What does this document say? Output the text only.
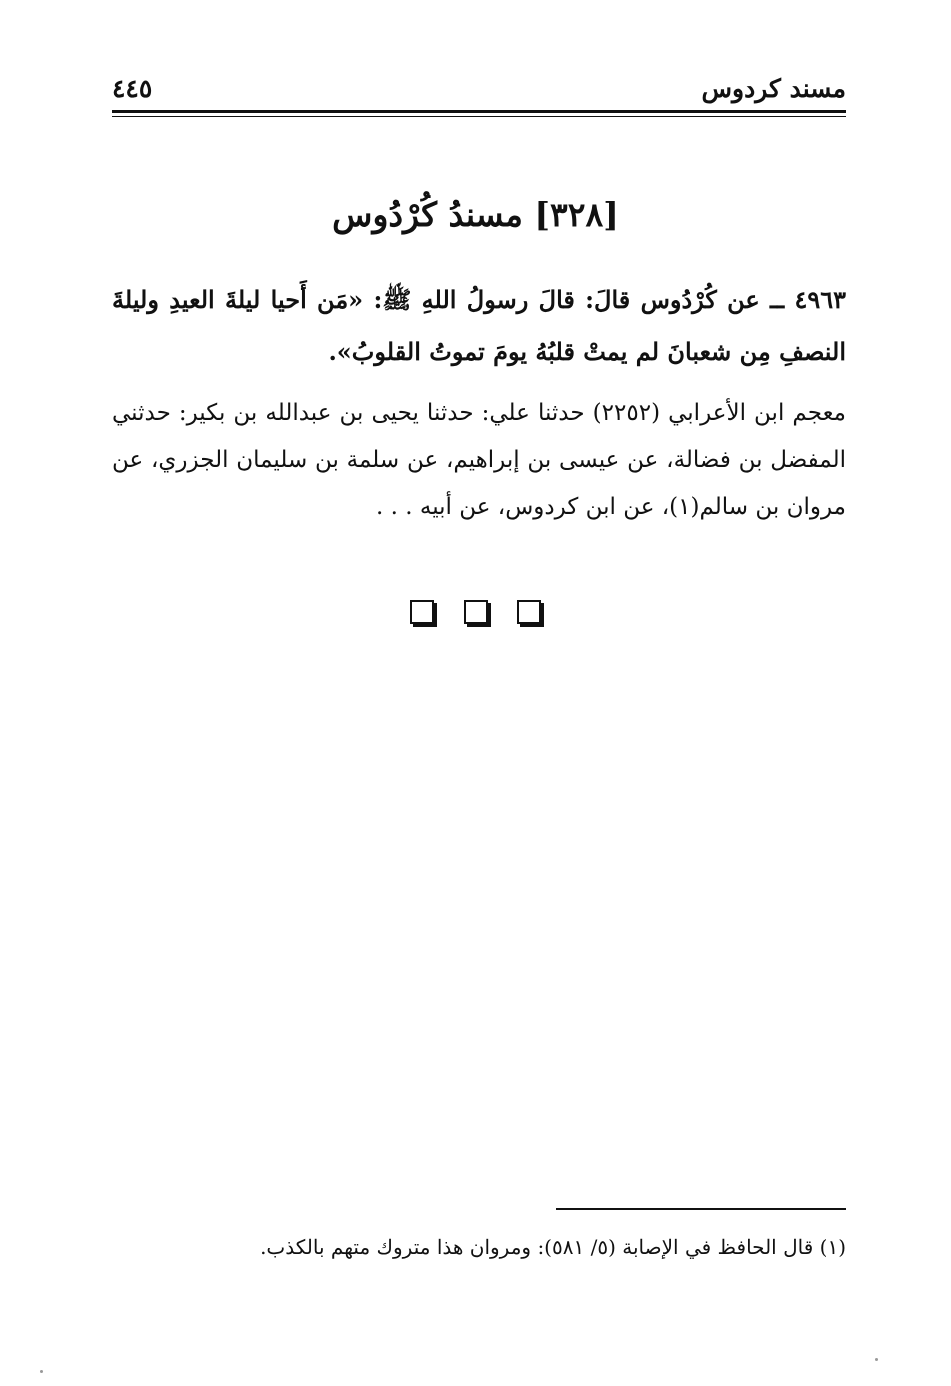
مسند كردوس
٤٤٥
[٣٢٨] مسندُ كُرْدُوس
٤٩٦٣ ــ عن كُرْدُوس قالَ: قالَ رسولُ اللهِ ﷺ: «مَن أَحيا ليلةَ العيدِ وليلةَ النصفِ مِن شعبانَ لم يمتْ قلبُهُ يومَ تموتُ القلوبُ».
معجم ابن الأعرابي (٢٢٥٢) حدثنا علي: حدثنا يحيى بن عبدالله بن بكير: حدثني المفضل بن فضالة، عن عيسى بن إبراهيم، عن سلمة بن سليمان الجزري، عن مروان بن سالم(١)، عن ابن كردوس، عن أبيه . . .

(١) قال الحافظ في الإصابة (٥/ ٥٨١): ومروان هذا متروك متهم بالكذب.
